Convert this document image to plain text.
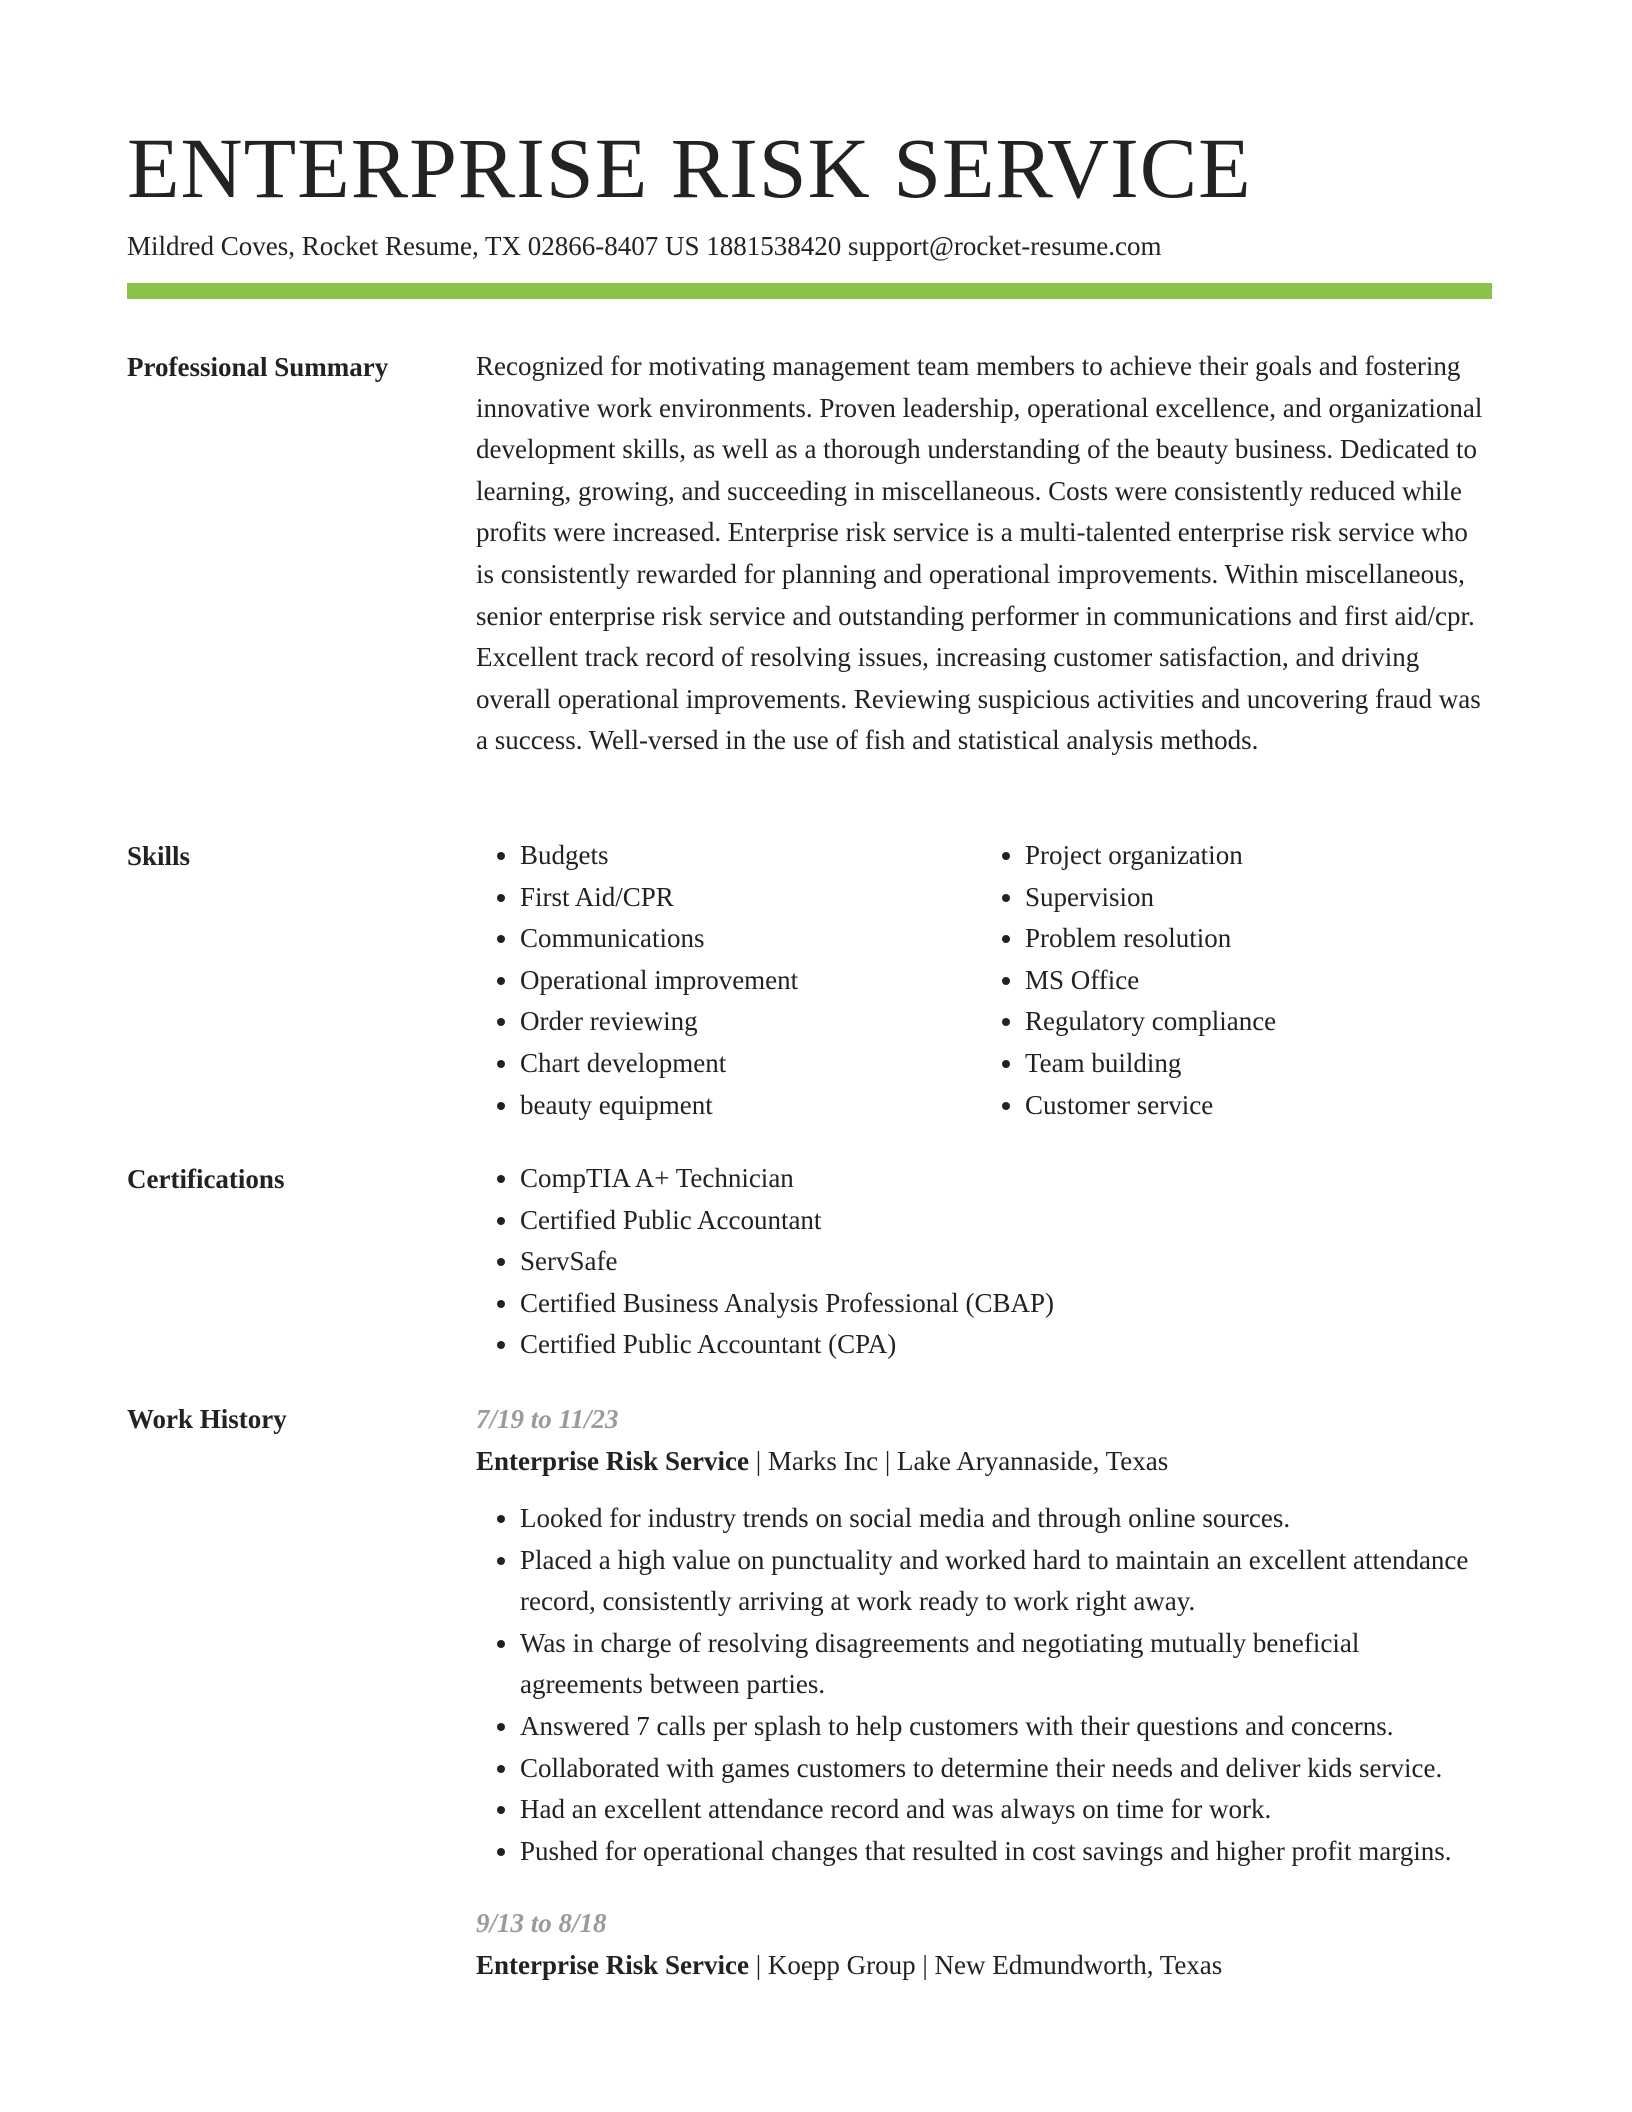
ENTERPRISE RISK SERVICE
Mildred Coves, Rocket Resume, TX 02866-8407 US 1881538420 support@rocket-resume.com
Professional Summary	Recognized for motivating management team members to achieve their goals and fostering innovative work environments. Proven leadership, operational excellence, and organizational development skills, as well as a thorough understanding of the beauty business. Dedicated to learning, growing, and succeeding in miscellaneous. Costs were consistently reduced while profits were increased. Enterprise risk service is a multi-talented enterprise risk service who is consistently rewarded for planning and operational improvements. Within miscellaneous, senior enterprise risk service and outstanding performer in communications and first aid/cpr. Excellent track record of resolving issues, increasing customer satisfaction, and driving overall operational improvements. Reviewing suspicious activities and uncovering fraud was a success. Well-versed in the use of fish and statistical analysis methods.

Skills	• Budgets
• First Aid/CPR
• Communications
• Operational improvement
• Order reviewing
• Chart development
• beauty equipment
• Project organization
• Supervision
• Problem resolution
• MS Office
• Regulatory compliance
• Team building
• Customer service
Certifications	• CompTIA A+ Technician
• Certified Public Accountant
• ServSafe
• Certified Business Analysis Professional (CBAP)
• Certified Public Accountant (CPA)
Work History	7/19 to 11/23
Enterprise Risk Service | Marks Inc | Lake Aryannaside, Texas
• Looked for industry trends on social media and through online sources.
• Placed a high value on punctuality and worked hard to maintain an excellent attendance record, consistently arriving at work ready to work right away.
• Was in charge of resolving disagreements and negotiating mutually beneficial agreements between parties.
• Answered 7 calls per splash to help customers with their questions and concerns.
• Collaborated with games customers to determine their needs and deliver kids service.
• Had an excellent attendance record and was always on time for work.
• Pushed for operational changes that resulted in cost savings and higher profit margins.
9/13 to 8/18
Enterprise Risk Service | Koepp Group | New Edmundworth, Texas
